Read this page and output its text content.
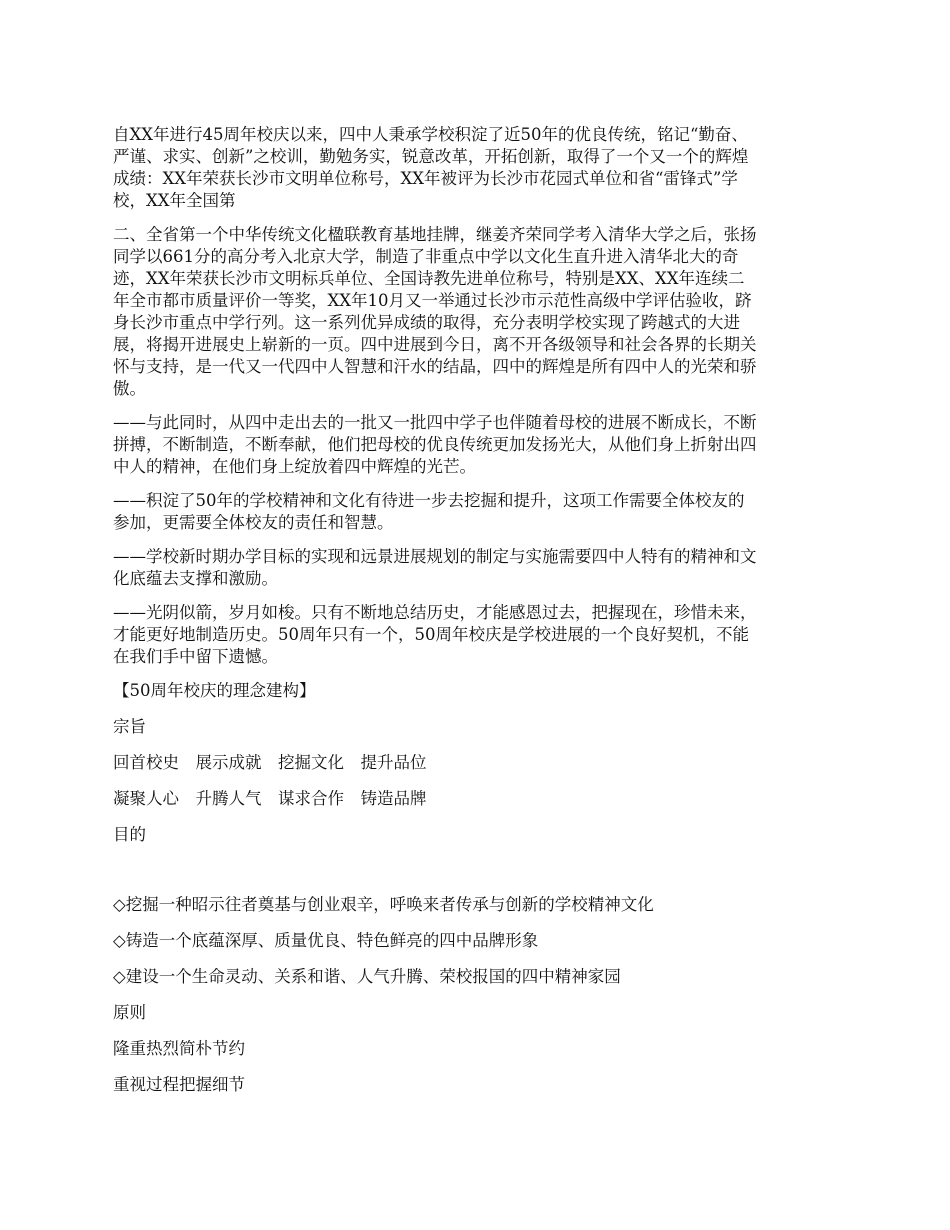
自XX年进行45周年校庆以来，四中人秉承学校积淀了近50年的优良传统，铭记“勤奋、

严谨、求实、创新”之校训，勤勉务实，锐意改革，开拓创新，取得了一个又一个的辉煌

成绩：XX年荣获长沙市文明单位称号，XX年被评为长沙市花园式单位和省“雷锋式”学

校，XX年全国第

二、全省第一个中华传统文化楹联教育基地挂牌，继姜齐荣同学考入清华大学之后，张扬

同学以661分的高分考入北京大学，制造了非重点中学以文化生直升进入清华北大的奇

迹，XX年荣获长沙市文明标兵单位、全国诗教先进单位称号，特别是XX、XX年连续二

年全市都市质量评价一等奖，XX年10月又一举通过长沙市示范性高级中学评估验收，跻

身长沙市重点中学行列。这一系列优异成绩的取得，充分表明学校实现了跨越式的大进

展，将揭开进展史上崭新的一页。四中进展到今日，离不开各级领导和社会各界的长期关

怀与支持，是一代又一代四中人智慧和汗水的结晶，四中的辉煌是所有四中人的光荣和骄

傲。

——与此同时，从四中走出去的一批又一批四中学子也伴随着母校的进展不断成长，不断

拼搏，不断制造，不断奉献，他们把母校的优良传统更加发扬光大，从他们身上折射出四

中人的精神，在他们身上绽放着四中辉煌的光芒。

——积淀了50年的学校精神和文化有待进一步去挖掘和提升，这项工作需要全体校友的

参加，更需要全体校友的责任和智慧。

——学校新时期办学目标的实现和远景进展规划的制定与实施需要四中人特有的精神和文

化底蕴去支撑和激励。

——光阴似箭，岁月如梭。只有不断地总结历史，才能感恩过去，把握现在，珍惜未来，

才能更好地制造历史。50周年只有一个，50周年校庆是学校进展的一个良好契机，不能

在我们手中留下遗憾。

【50周年校庆的理念建构】

宗旨

回首校史　展示成就　挖掘文化　提升品位

凝聚人心　升腾人气　谋求合作　铸造品牌

目的

◇挖掘一种昭示往者奠基与创业艰辛，呼唤来者传承与创新的学校精神文化

◇铸造一个底蕴深厚、质量优良、特色鲜亮的四中品牌形象

◇建设一个生命灵动、关系和谐、人气升腾、荣校报国的四中精神家园

原则

隆重热烈简朴节约

重视过程把握细节
